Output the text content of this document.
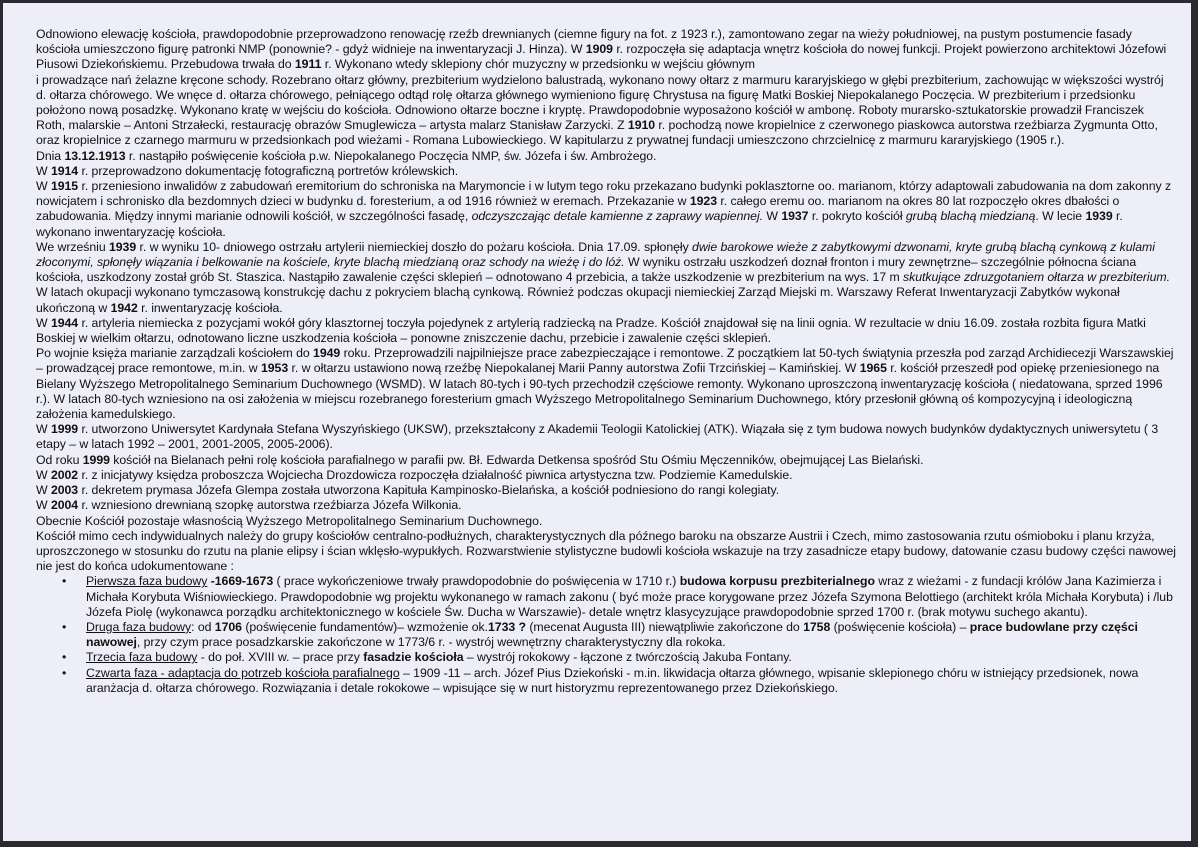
Odnowiono elewację kościoła, prawdopodobnie przeprowadzono renowację rzeźb drewnianych (ciemne figury na fot. z 1923 r.), zamontowano zegar na wieży południowej, na pustym postumencie fasady kościoła umieszczono figurę patronki NMP (ponownie? - gdyż widnieje na inwentaryzacji J. Hinza). W 1909 r. rozpoczęła się adaptacja wnętrz kościoła do nowej funkcji. Projekt powierzono architektowi Józefowi Piusowi Dziekońskiemu. Przebudowa trwała do 1911 r. Wykonano wtedy sklepiony chór muzyczny w przedsionku w wejściu głównym

i prowadzące nań żelazne kręcone schody. Rozebrano ołtarz główny, prezbiterium wydzielono balustradą, wykonano nowy ołtarz z marmuru kararyjskiego w głębi prezbiterium, zachowując w większości wystrój d. ołtarza chórowego. We wnęce d. ołtarza chórowego, pełniącego odtąd rolę ołtarza głównego wymieniono figurę Chrystusa na figurę Matki Boskiej Niepokalanego Poczęcia. W prezbiterium i przedsionku położono nową posadzkę. Wykonano kratę w wejściu do kościoła. Odnowiono ołtarze boczne i kryptę. Prawdopodobnie wyposażono kościół w ambonę. Roboty murarsko-sztukatorskie prowadził Franciszek Roth, malarskie – Antoni Strzałecki, restaurację obrazów Smuglewicza – artysta malarz Stanisław Zarzycki. Z 1910 r. pochodzą nowe kropielnice z czerwonego piaskowca autorstwa rzeźbiarza Zygmunta Otto, oraz kropielnice z czarnego marmuru w przedsionkach pod wieżami - Romana Lubowieckiego. W kapitularzu z prywatnej fundacji umieszczono chrzcielnicę z marmuru kararyjskiego (1905 r.).

Dnia 13.12.1913 r. nastąpiło poświęcenie kościoła p.w. Niepokalanego Poczęcia NMP, św. Józefa i św. Ambrożego.

W 1914 r. przeprowadzono dokumentację fotograficzną portretów królewskich.

W 1915 r. przeniesiono inwalidów z zabudowań eremitorium do schroniska na Marymoncie i w lutym tego roku przekazano budynki poklasztorne oo. marianom, którzy adaptowali zabudowania na dom zakonny z nowicjatem i schronisko dla bezdomnych dzieci w budynku d. foresterium, a od 1916 również w eremach. Przekazanie w 1923 r. całego eremu oo. marianom na okres 80 lat rozpoczęło okres dbałości o zabudowania. Między innymi marianie odnowili kościół, w szczególności fasadę, odczyszczając detale kamienne z zaprawy wapiennej. W 1937 r. pokryto kościół grubą blachą miedzianą. W lecie 1939 r. wykonano inwentaryzację kościoła.

We wrześniu 1939 r. w wyniku 10- dniowego ostrzału artylerii niemieckiej doszło do pożaru kościoła. Dnia 17.09. spłonęły dwie barokowe wieże z zabytkowymi dzwonami, kryte grubą blachą cynkową z kulami złoconymi, spłonęły wiązania i belkowanie na kościele, kryte blachą miedzianą oraz schody na wieżę i do lóż. W wyniku ostrzału uszkodzeń doznał fronton i mury zewnętrzne– szczególnie północna ściana kościoła, uszkodzony został grób St. Staszica. Nastąpiło zawalenie części sklepień – odnotowano 4 przebicia, a także uszkodzenie w prezbiterium na wys. 17 m skutkujące zdruzgotaniem ołtarza w prezbiterium. W latach okupacji wykonano tymczasową konstrukcję dachu z pokryciem blachą cynkową. Również podczas okupacji niemieckiej Zarząd Miejski m. Warszawy Referat Inwentaryzacji Zabytków wykonał ukończoną w 1942 r. inwentaryzację kościoła.

W 1944 r. artyleria niemiecka z pozycjami wokół góry klasztornej toczyła pojedynek z artylerią radziecką na Pradze. Kościół znajdował się na linii ognia. W rezultacie w dniu 16.09. została rozbita figura Matki Boskiej w wielkim ołtarzu, odnotowano liczne uszkodzenia kościoła – ponowne zniszczenie dachu, przebicie i zawalenie części sklepień.

Po wojnie księża marianie zarządzali kościołem do 1949 roku. Przeprowadzili najpilniejsze prace zabezpieczające i remontowe. Z początkiem lat 50-tych świątynia przeszła pod zarząd Archidiecezji Warszawskiej – prowadzącej prace remontowe, m.in. w 1953 r. w ołtarzu ustawiono nową rzeźbę Niepokalanej Marii Panny autorstwa Zofii Trzcińskiej – Kamińskiej. W 1965 r. kościół przeszedł pod opiekę przeniesionego na Bielany Wyższego Metropolitalnego Seminarium Duchownego (WSMD). W latach 80-tych i 90-tych przechodził częściowe remonty. Wykonano uproszczoną inwentaryzację kościoła ( niedatowana, sprzed 1996 r.). W latach 80-tych wzniesiono na osi założenia w miejscu rozebranego foresterium gmach Wyższego Metropolitalnego Seminarium Duchownego, który przesłonił główną oś kompozycyjną i ideologiczną założenia kamedulskiego.

W 1999 r. utworzono Uniwersytet Kardynała Stefana Wyszyńskiego (UKSW), przekształcony z Akademii Teologii Katolickiej (ATK). Wiązała się z tym budowa nowych budynków dydaktycznych uniwersytetu ( 3 etapy – w latach 1992 – 2001, 2001-2005, 2005-2006).

Od roku 1999 kościół na Bielanach pełni rolę kościoła parafialnego w parafii pw. Bł. Edwarda Detkensa spośród Stu Ośmiu Męczenników, obejmującej Las Bielański.

W 2002 r. z inicjatywy księdza proboszcza Wojciecha Drozdowicza rozpoczęła działalność piwnica artystyczna tzw. Podziemie Kamedulskie.

W 2003 r. dekretem prymasa Józefa Glempa została utworzona Kapituła Kampinosko-Bielańska, a kościół podniesiono do rangi kolegiaty.

W 2004 r. wzniesiono drewnianą szopkę autorstwa rzeźbiarza Józefa Wilkonia.

Obecnie Kościół pozostaje własnością Wyższego Metropolitalnego Seminarium Duchownego.

Kościół mimo cech indywidualnych należy do grupy kościołów centralno-podłużnych, charakterystycznych dla późnego baroku na obszarze Austrii i Czech, mimo zastosowania rzutu ośmioboku i planu krzyża, uproszczonego w stosunku do rzutu na planie elipsy i ścian wklęsło-wypukłych. Rozwarstwienie stylistyczne budowli kościoła wskazuje na trzy zasadnicze etapy budowy, datowanie czasu budowy części nawowej nie jest do końca udokumentowane :

• Pierwsza faza budowy -1669-1673 ( prace wykończeniowe trwały prawdopodobnie do poświęcenia w 1710 r.) budowa korpusu prezbiterialnego wraz z wieżami - z fundacji królów Jana Kazimierza i Michała Korybuta Wiśniowieckiego. Prawdopodobnie wg projektu wykonanego w ramach zakonu ( być może prace korygowane przez Józefa Szymona Belottiego (architekt króla Michała Korybuta) i /lub Józefa Piolę (wykonawca porządku architektonicznego w kościele Św. Ducha w Warszawie)- detale wnętrz klasycyzujące prawdopodobnie sprzed 1700 r. (brak motywu suchego akantu).
• Druga faza budowy: od 1706 (poświęcenie fundamentów)– wzmożenie ok.1733 ? (mecenat Augusta III) niewątpliwie zakończone do 1758 (poświęcenie kościoła) – prace budowlane przy części nawowej, przy czym prace posadzkarskie zakończone w 1773/6 r. - wystrój wewnętrzny charakterystyczny dla rokoka.
• Trzecia faza budowy - do poł. XVIII w. – prace przy fasadzie kościoła – wystrój rokokowy - łączone z twórczością Jakuba Fontany.
• Czwarta faza - adaptacja do potrzeb kościoła parafialnego – 1909 -11 – arch. Józef Pius Dziekoński - m.in. likwidacja ołtarza głównego, wpisanie sklepionego chóru w istniejący przedsionek, nowa aranżacja d. ołtarza chórowego. Rozwiązania i detale rokokowe – wpisujące się w nurt historyzmu reprezentowanego przez Dziekońskiego.
